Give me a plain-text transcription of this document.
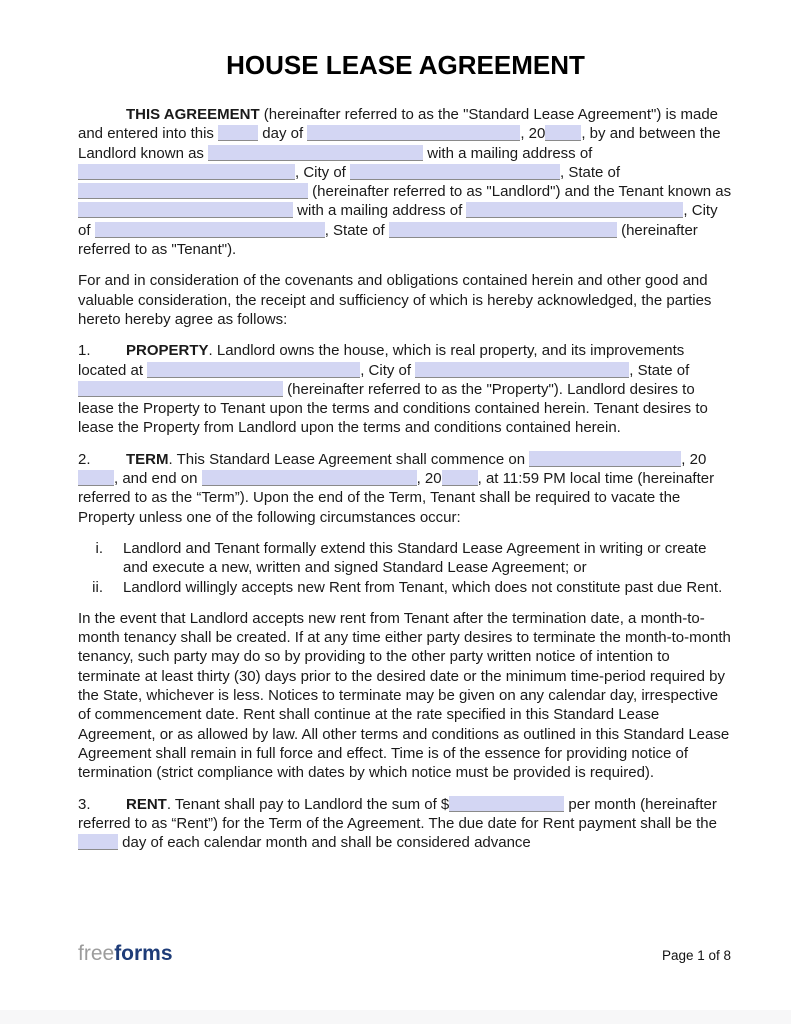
HOUSE LEASE AGREEMENT

THIS AGREEMENT (hereinafter referred to as the "Standard Lease Agreement") is made and entered into this	day of	, 20 , by and between the Landlord known as	with a mailing address of , City of	, State of  (hereinafter referred to as "Landlord") and the Tenant known as  with a mailing address of	, City of	, State of	(hereinafter referred to as "Tenant").

For and in consideration of the covenants and obligations contained herein and other good and valuable consideration, the receipt and sufficiency of which is hereby acknowledged, the parties hereto hereby agree as follows:

1. PROPERTY. Landlord owns the house, which is real property, and its improvements located at	, City of	, State of  (hereinafter referred to as the "Property"). Landlord desires to lease the Property to Tenant upon the terms and conditions contained herein. Tenant desires to lease the Property from Landlord upon the terms and conditions contained herein.

2. TERM. This Standard Lease Agreement shall commence on	, 20, and end on	, 20 , at 11:59 PM local time (hereinafter referred to as the “Term”). Upon the end of the Term, Tenant shall be required to vacate the Property unless one of the following circumstances occur:

i.	Landlord and Tenant formally extend this Standard Lease Agreement in writing or create and execute a new, written and signed Standard Lease Agreement; or
ii.	Landlord willingly accepts new Rent from Tenant, which does not constitute past due Rent.

In the event that Landlord accepts new rent from Tenant after the termination date, a month-to-month tenancy shall be created. If at any time either party desires to terminate the month-to-month tenancy, such party may do so by providing to the other party written notice of intention to terminate at least thirty (30) days prior to the desired date or the minimum time-period required by the State, whichever is less. Notices to terminate may be given on any calendar day, irrespective of commencement date. Rent shall continue at the rate specified in this Standard Lease Agreement, or as allowed by law. All other terms and conditions as outlined in this Standard Lease Agreement shall remain in full force and effect. Time is of the essence for providing notice of termination (strict compliance with dates by which notice must be provided is required).

3. RENT. Tenant shall pay to Landlord the sum of $	per month (hereinafter referred to as “Rent”) for the Term of the Agreement. The due date for Rent payment shall be the  day of each calendar month and shall be considered advance

freeforms	Page 1 of 8
